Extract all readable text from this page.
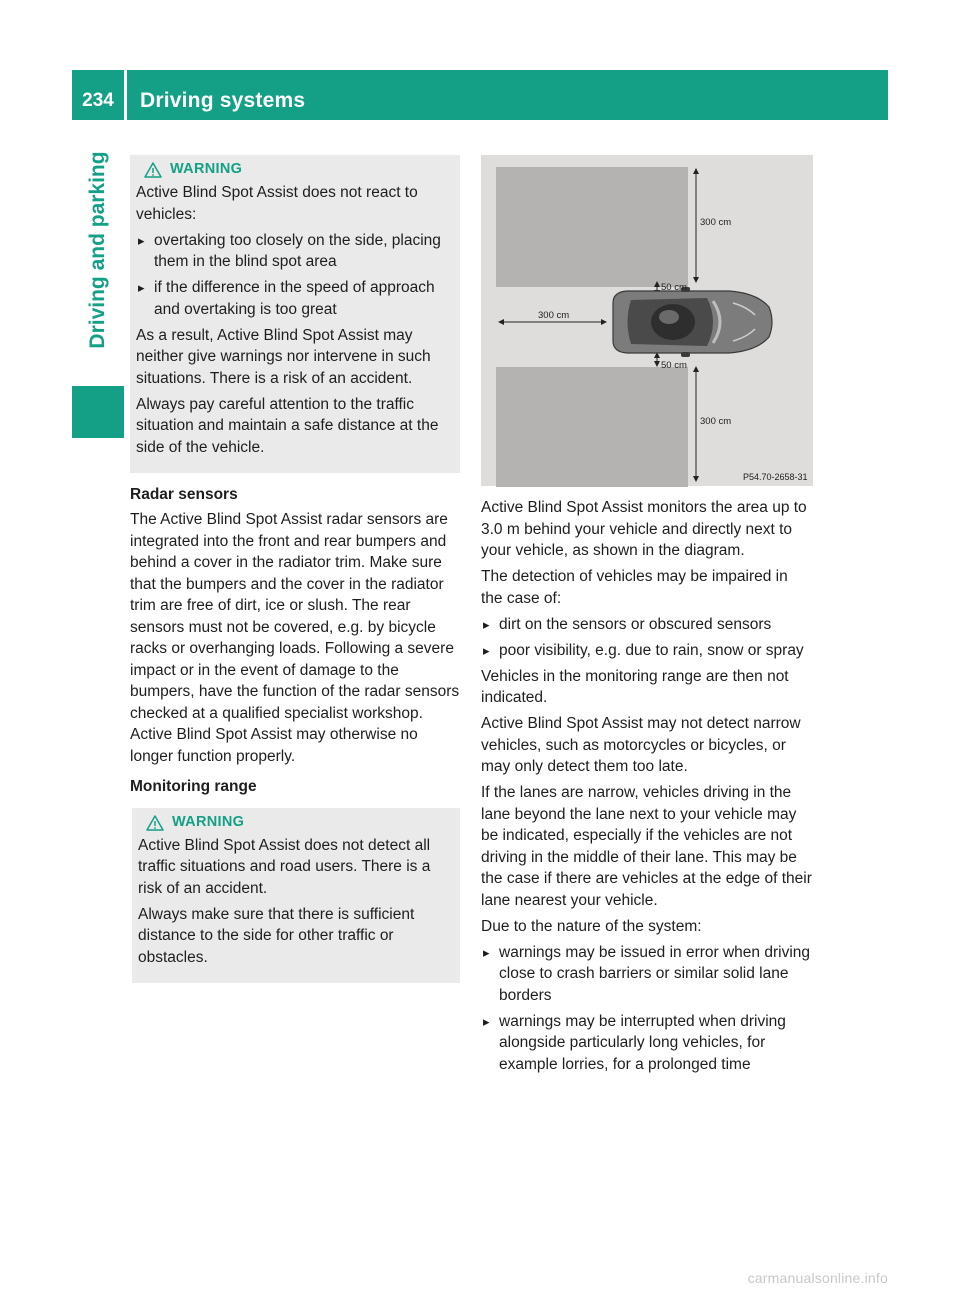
234	Driving systems
Driving and parking	WARNING

Active Blind Spot Assist does not react to vehicles:

▸ overtaking too closely on the side, placing them in the blind spot area

▸ if the difference in the speed of approach and overtaking is too great

As a result, Active Blind Spot Assist may neither give warnings nor intervene in such situations. There is a risk of an accident.

Always pay careful attention to the traffic situation and maintain a safe distance at the side of the vehicle.

Radar sensors

The Active Blind Spot Assist radar sensors are integrated into the front and rear bumpers and behind a cover in the radiator trim. Make sure that the bumpers and the cover in the radiator trim are free of dirt, ice or slush. The rear sensors must not be covered, e.g. by bicycle racks or overhanging loads. Following a severe impact or in the event of damage to the bumpers, have the function of the radar sensors checked at a qualified specialist workshop. Active Blind Spot Assist may otherwise no longer function properly.

Monitoring range
WARNING

Active Blind Spot Assist does not detect all traffic situations and road users. There is a risk of an accident.

Always make sure that there is sufficient distance to the side for other traffic or obstacles.

300 cm
50 cm
300 cm
50 cm
300 cm
P54.70-2658-31

Active Blind Spot Assist monitors the area up to 3.0 m behind your vehicle and directly next to your vehicle, as shown in the diagram.

The detection of vehicles may be impaired in the case of:

▸ dirt on the sensors or obscured sensors

▸ poor visibility, e.g. due to rain, snow or spray

Vehicles in the monitoring range are then not indicated.

Active Blind Spot Assist may not detect narrow vehicles, such as motorcycles or bicycles, or may only detect them too late.

If the lanes are narrow, vehicles driving in the lane beyond the lane next to your vehicle may be indicated, especially if the vehicles are not driving in the middle of their lane. This may be the case if there are vehicles at the edge of their lane nearest your vehicle.

Due to the nature of the system:

▸ warnings may be issued in error when driving close to crash barriers or similar solid lane borders

▸ warnings may be interrupted when driving alongside particularly long vehicles, for example lorries, for a prolonged time

carmanualsonline.info
